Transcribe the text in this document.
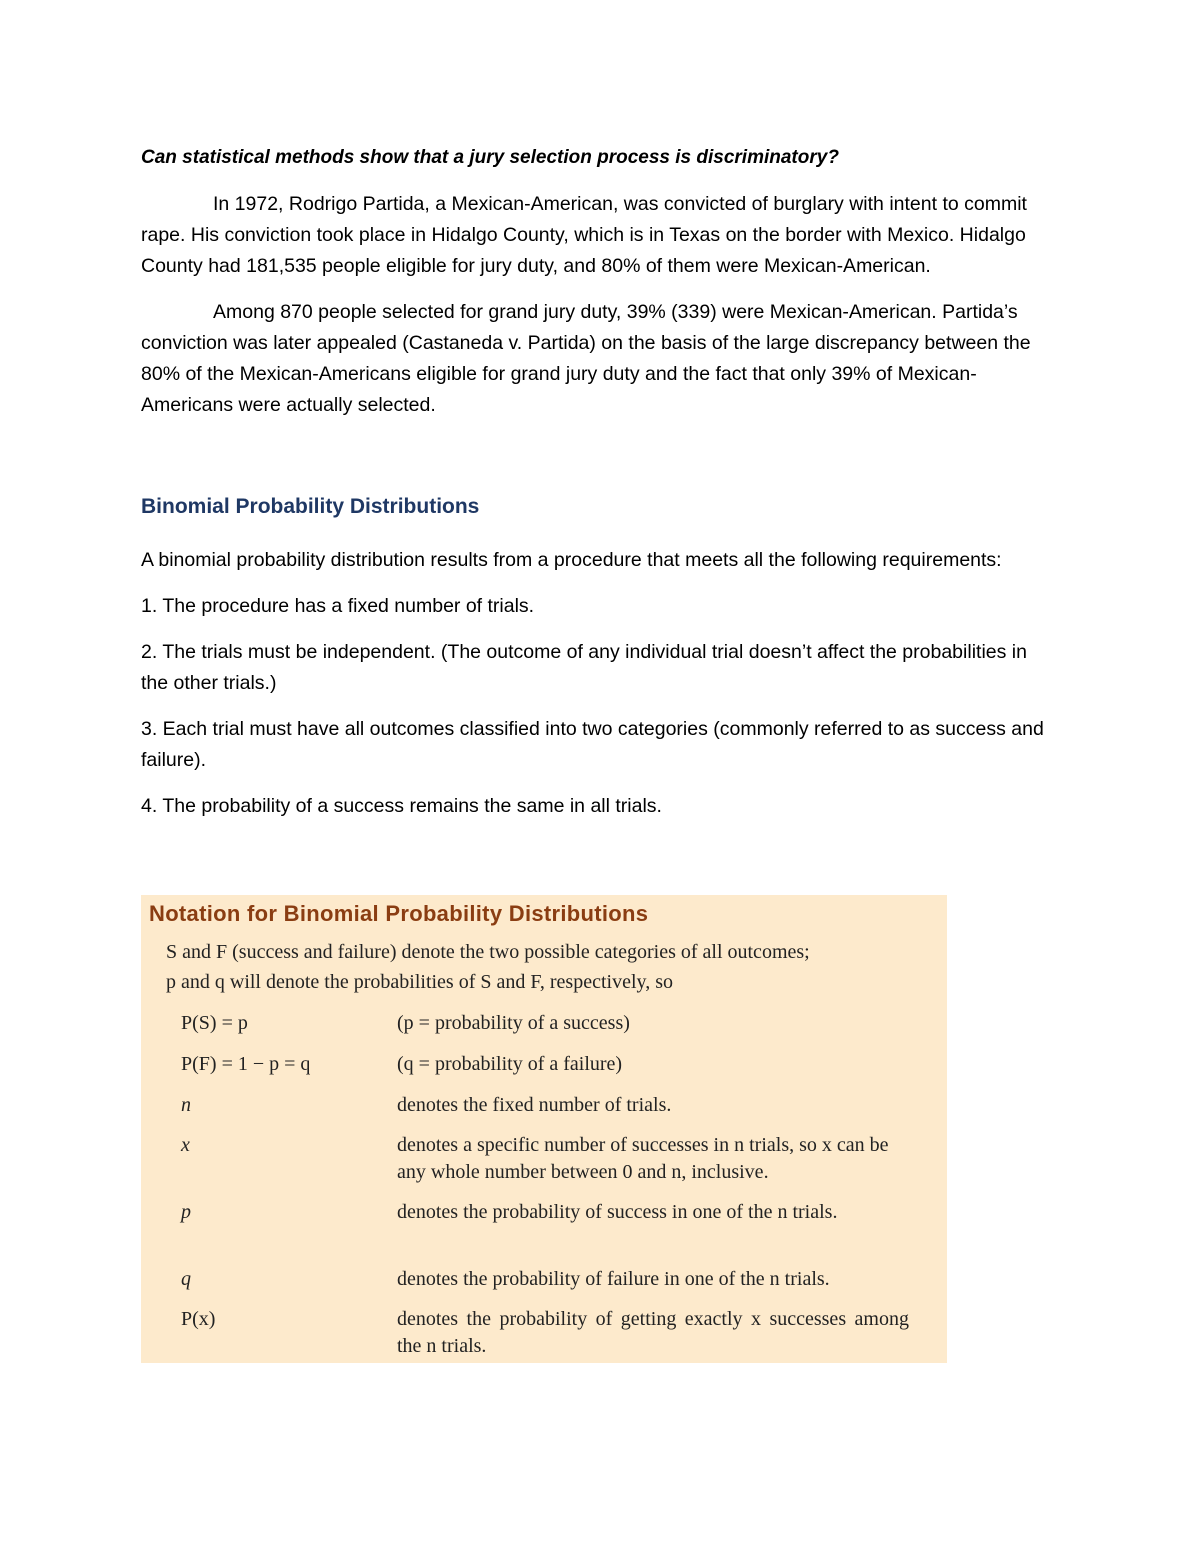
Can statistical methods show that a jury selection process is discriminatory?

In 1972, Rodrigo Partida, a Mexican-American, was convicted of burglary with intent to commit rape. His conviction took place in Hidalgo County, which is in Texas on the border with Mexico. Hidalgo County had 181,535 people eligible for jury duty, and 80% of them were Mexican-American.

Among 870 people selected for grand jury duty, 39% (339) were Mexican-American. Partida’s conviction was later appealed (Castaneda v. Partida) on the basis of the large discrepancy between the 80% of the Mexican-Americans eligible for grand jury duty and the fact that only 39% of Mexican-Americans were actually selected.

Binomial Probability Distributions

A binomial probability distribution results from a procedure that meets all the following requirements:

1. The procedure has a fixed number of trials.

2. The trials must be independent. (The outcome of any individual trial doesn’t affect the probabilities in the other trials.)

3. Each trial must have all outcomes classified into two categories (commonly referred to as success and failure).

4. The probability of a success remains the same in all trials.

Notation for Binomial Probability Distributions
S and F (success and failure) denote the two possible categories of all outcomes;
p and q will denote the probabilities of S and F, respectively, so
P(S) = p	(p = probability of a success)
P(F) = 1 − p = q	(q = probability of a failure)
n	denotes the fixed number of trials.
x	denotes a specific number of successes in n trials, so x can be any whole number between 0 and n, inclusive.
p	denotes the probability of success in one of the n trials.
q	denotes the probability of failure in one of the n trials.
P(x)	denotes the probability of getting exactly x successes among the n trials.
